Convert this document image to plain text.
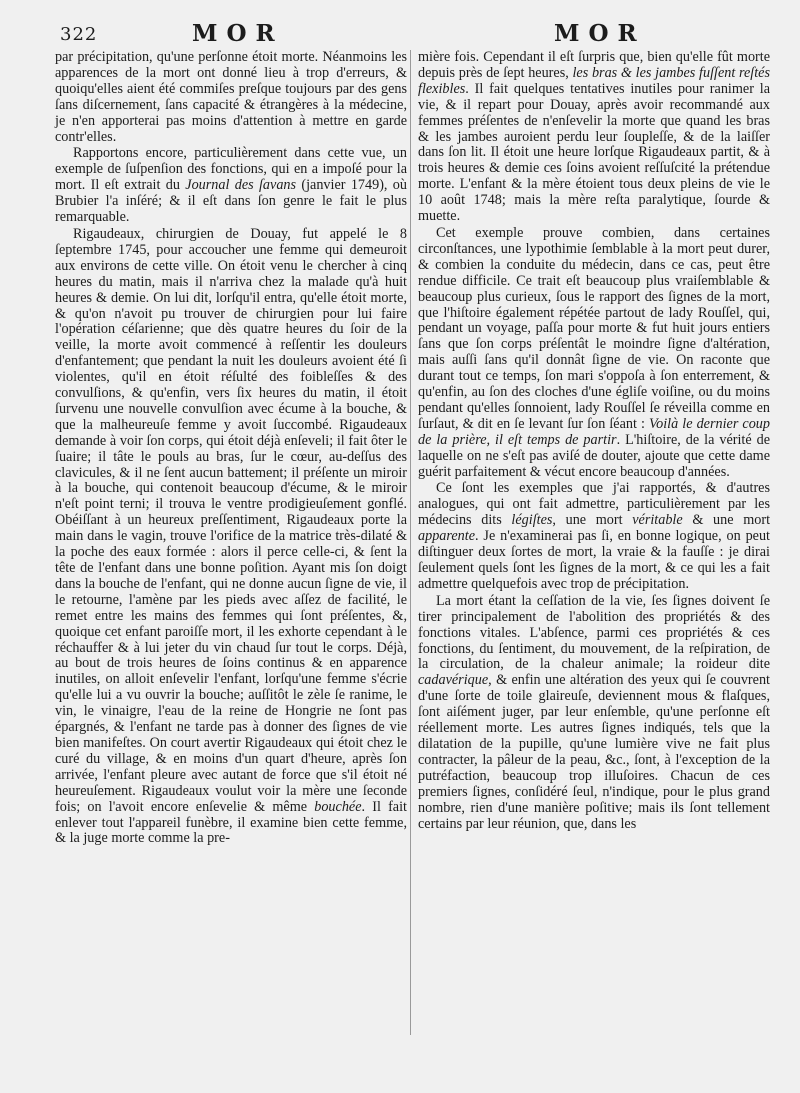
322	MOR	MOR

par précipitation, qu'une perſonne étoit morte. Néanmoins les apparences de la mort ont donné lieu à trop d'erreurs, & quoiqu'elles aient été commiſes preſque toujours par des gens ſans diſcernement, ſans capacité & étrangères à la médecine, je n'en apporterai pas moins d'attention à mettre en garde contr'elles.

Rapportons encore, particulièrement dans cette vue, un exemple de ſuſpenſion des fonctions, qui en a impoſé pour la mort. Il eſt extrait du Journal des ſavans (janvier 1749), où Brubier l'a inſéré; & il eſt dans ſon genre le fait le plus remarquable.

Rigaudeaux, chirurgien de Douay, fut appelé le 8 ſeptembre 1745, pour accoucher une femme qui demeuroit aux environs de cette ville. On étoit venu le chercher à cinq heures du matin, mais il n'arriva chez la malade qu'à huit heures & demie. On lui dit, lorſqu'il entra, qu'elle étoit morte, & qu'on n'avoit pu trouver de chirurgien pour lui faire l'opération céſarienne; que dès quatre heures du ſoir de la veille, la morte avoit commencé à reſſentir les douleurs d'enfantement; que pendant la nuit les douleurs avoient été ſi violentes, qu'il en étoit réſulté des foibleſſes & des convulſions, & qu'enfin, vers ſix heures du matin, il étoit ſurvenu une nouvelle convulſion avec écume à la bouche, & que la malheureuſe femme y avoit ſuccombé. Rigaudeaux demande à voir ſon corps, qui étoit déjà enſeveli; il fait ôter le ſuaire; il tâte le pouls au bras, ſur le cœur, au-deſſus des clavicules, & il ne ſent aucun battement; il préſente un miroir à la bouche, qui contenoit beaucoup d'écume, & le miroir n'eſt point terni; il trouva le ventre prodigieuſement gonflé. Obéiſſant à un heureux preſſentiment, Rigaudeaux porte la main dans le vagin, trouve l'orifice de la matrice très-dilaté & la poche des eaux formée : alors il perce celle-ci, & ſent la tête de l'enfant dans une bonne poſition. Ayant mis ſon doigt dans la bouche de l'enfant, qui ne donne aucun ſigne de vie, il le retourne, l'amène par les pieds avec aſſez de facilité, le remet entre les mains des femmes qui ſont préſentes, &, quoique cet enfant paroiſſe mort, il les exhorte cependant à le réchauffer & à lui jeter du vin chaud ſur tout le corps. Déjà, au bout de trois heures de ſoins continus & en apparence inutiles, on alloit enſevelir l'enfant, lorſqu'une femme s'écrie qu'elle lui a vu ouvrir la bouche; auſſitôt le zèle ſe ranime, le vin, le vinaigre, l'eau de la reine de Hongrie ne ſont pas épargnés, & l'enfant ne tarde pas à donner des ſignes de vie bien manifeſtes. On court avertir Rigaudeaux qui étoit chez le curé du village, & en moins d'un quart d'heure, après ſon arrivée, l'enfant pleure avec autant de force que s'il étoit né heureuſement. Rigaudeaux voulut voir la mère une ſeconde fois; on l'avoit encore enſevelie & même bouchée. Il fait enlever tout l'appareil funèbre, il examine bien cette femme, & la juge morte comme la pre-

mière fois. Cependant il eſt ſurpris que, bien qu'elle fût morte depuis près de ſept heures, les bras & les jambes fuſſent reſtés flexibles. Il fait quelques tentatives inutiles pour ranimer la vie, & il repart pour Douay, après avoir recommandé aux femmes préſentes de n'enſevelir la morte que quand les bras & les jambes auroient perdu leur ſoupleſſe, & de la laiſſer dans ſon lit. Il étoit une heure lorſque Rigaudeaux partit, & à trois heures & demie ces ſoins avoient reſſuſcité la prétendue morte. L'enfant & la mère étoient tous deux pleins de vie le 10 août 1748; mais la mère reſta paralytique, ſourde & muette.

Cet exemple prouve combien, dans certaines circonſtances, une lypothimie ſemblable à la mort peut durer, & combien la conduite du médecin, dans ce cas, peut être rendue difficile. Ce trait eſt beaucoup plus vraiſemblable & beaucoup plus curieux, ſous le rapport des ſignes de la mort, que l'hiſtoire également répétée partout de lady Rouſſel, qui, pendant un voyage, paſſa pour morte & fut huit jours entiers ſans que ſon corps préſentât le moindre ſigne d'altération, mais auſſi ſans qu'il donnât ſigne de vie. On raconte que durant tout ce temps, ſon mari s'oppoſa à ſon enterrement, & qu'enfin, au ſon des cloches d'une égliſe voiſine, ou du moins pendant qu'elles ſonnoient, lady Rouſſel ſe réveilla comme en ſurſaut, & dit en ſe levant ſur ſon ſéant : Voilà le dernier coup de la prière, il eſt temps de partir. L'hiſtoire, de la vérité de laquelle on ne s'eſt pas aviſé de douter, ajoute que cette dame guérit parfaitement & vécut encore beaucoup d'années.

Ce ſont les exemples que j'ai rapportés, & d'autres analogues, qui ont fait admettre, particulièrement par les médecins dits légiſtes, une mort véritable & une mort apparente. Je n'examinerai pas ſi, en bonne logique, on peut diſtinguer deux ſortes de mort, la vraie & la fauſſe : je dirai ſeulement quels ſont les ſignes de la mort, & ce qui les a fait admettre quelquefois avec trop de précipitation.

La mort étant la ceſſation de la vie, ſes ſignes doivent ſe tirer principalement de l'abolition des propriétés & des fonctions vitales. L'abſence, parmi ces propriétés & ces fonctions, du ſentiment, du mouvement, de la reſpiration, de la circulation, de la chaleur animale; la roideur dite cadavérique, & enfin une altération des yeux qui ſe couvrent d'une ſorte de toile glaireuſe, deviennent mous & flaſques, ſont aiſément juger, par leur enſemble, qu'une perſonne eſt réellement morte. Les autres ſignes indiqués, tels que la dilatation de la pupille, qu'une lumière vive ne fait plus contracter, la pâleur de la peau, &c., ſont, à l'exception de la putréfaction, beaucoup trop illuſoires. Chacun de ces premiers ſignes, conſidéré ſeul, n'indique, pour le plus grand nombre, rien d'une manière poſitive; mais ils ſont tellement certains par leur réunion, que, dans les
